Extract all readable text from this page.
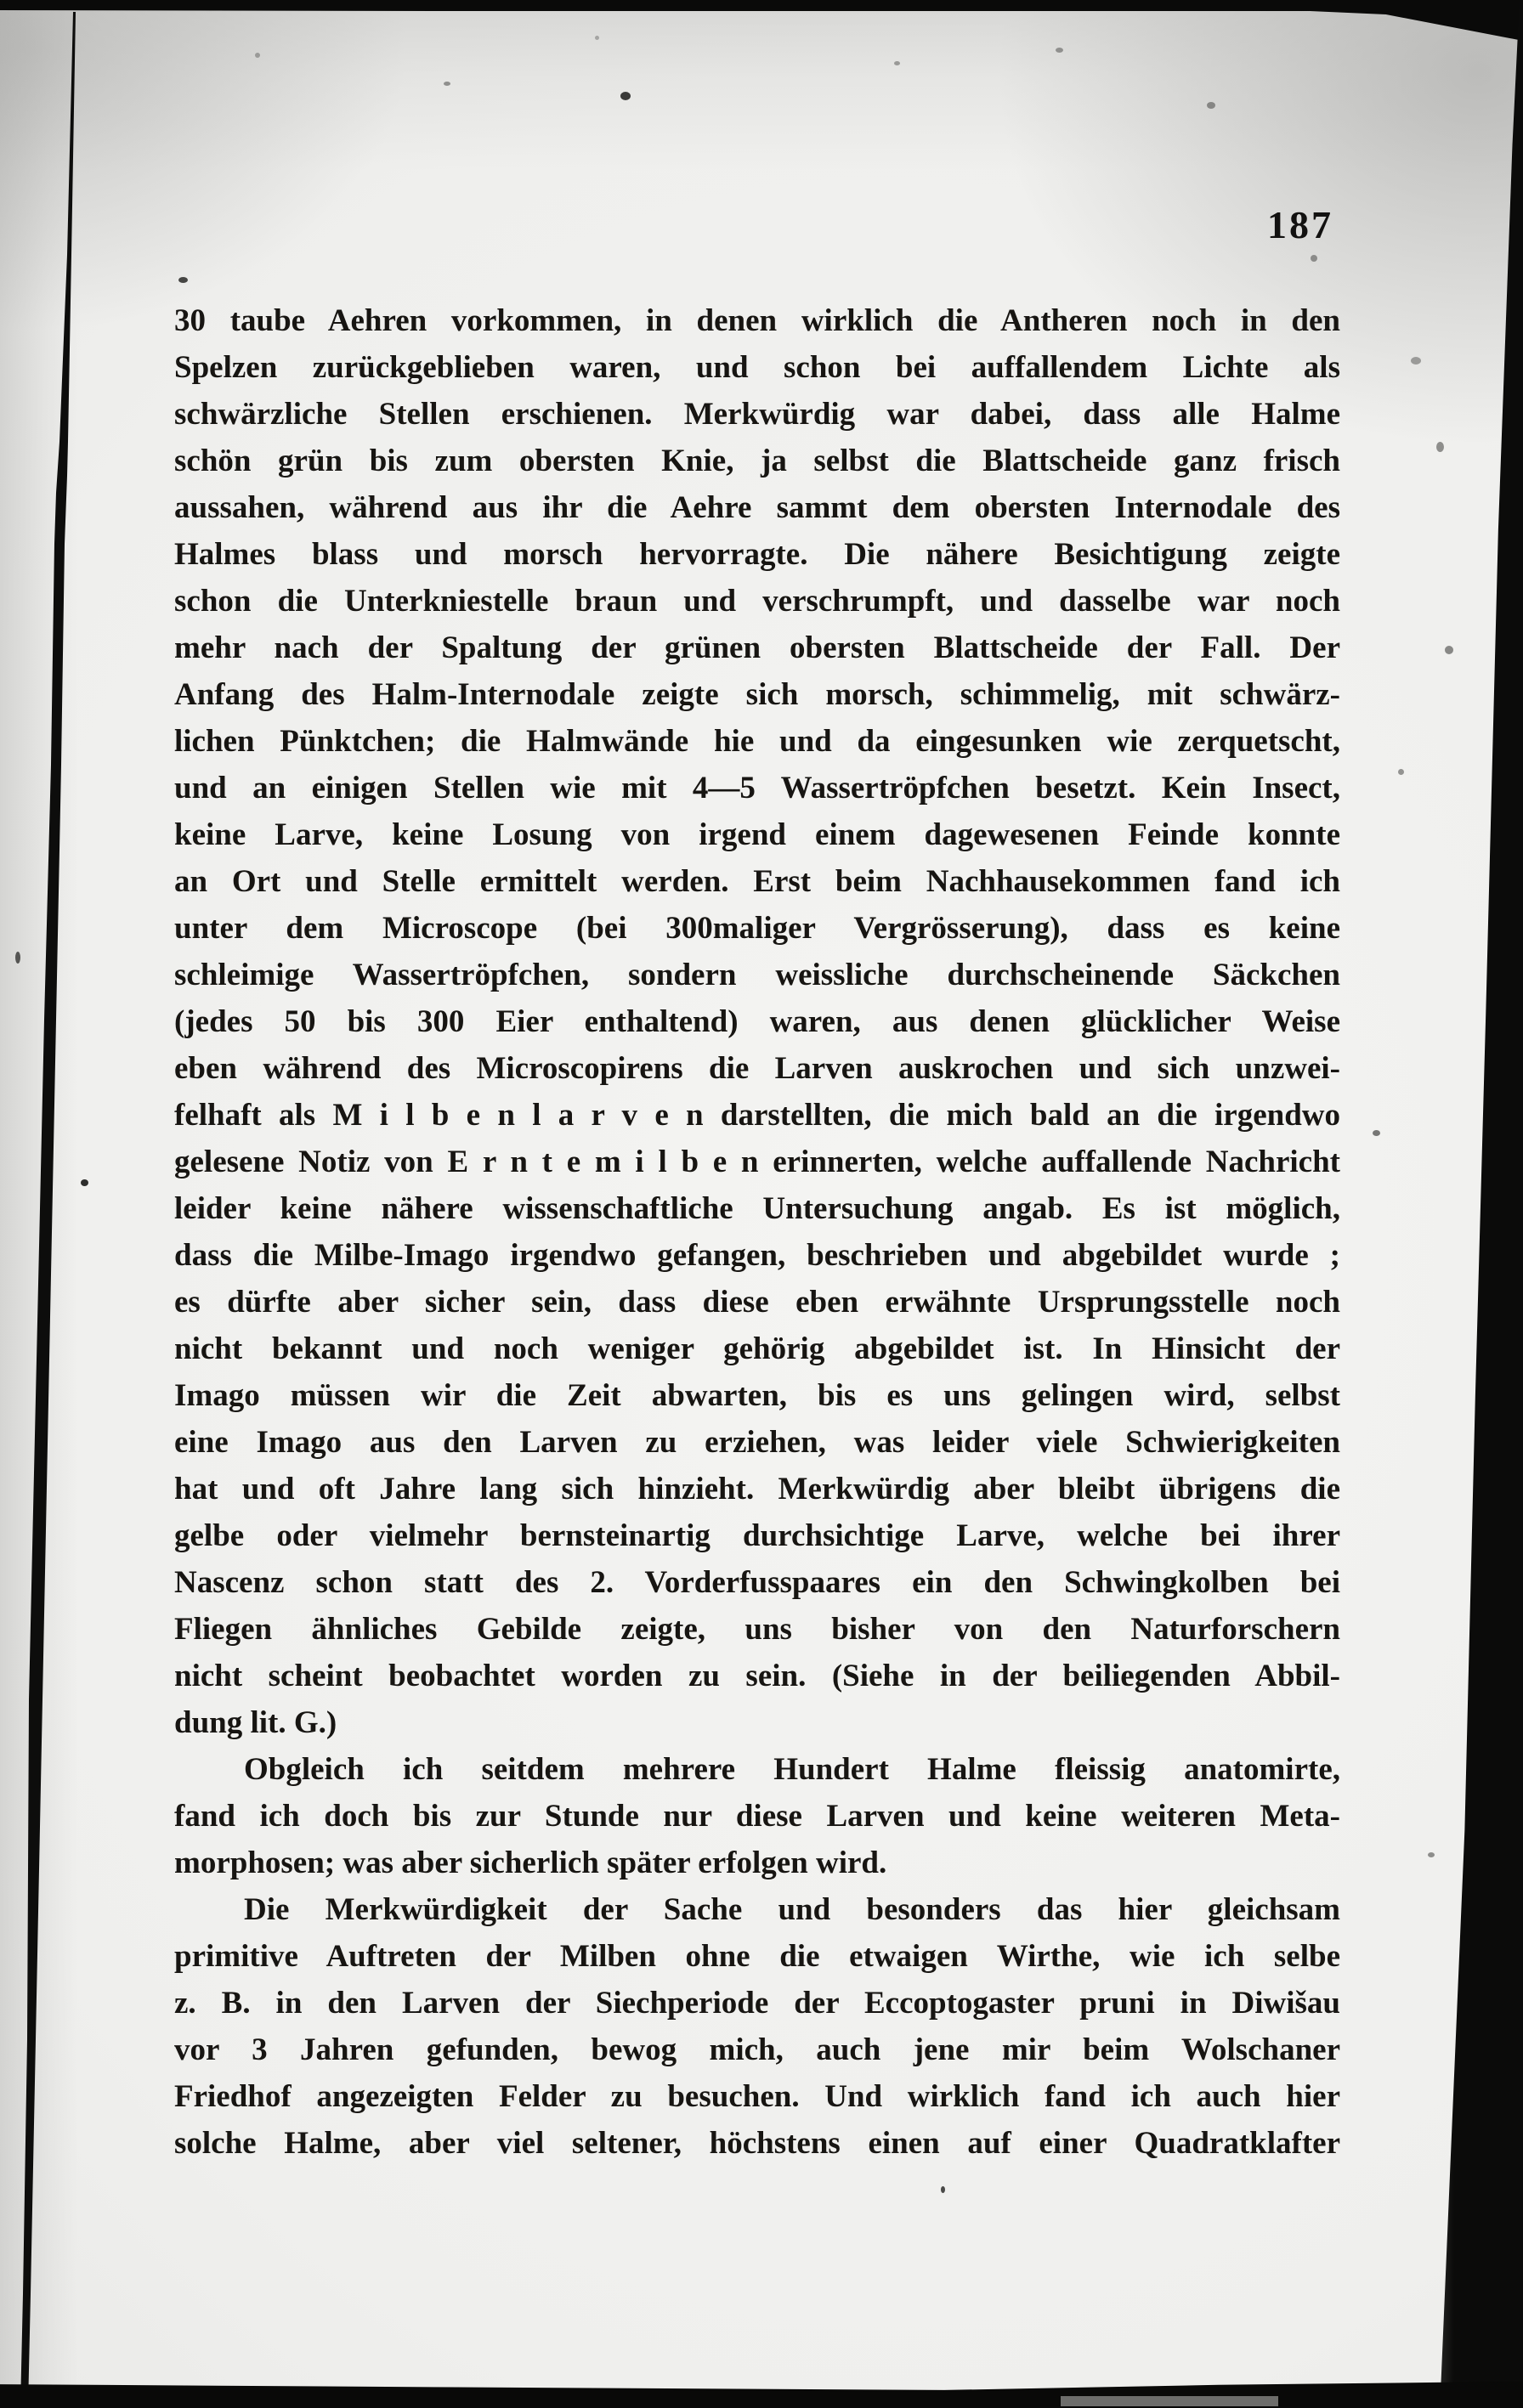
187
30 taube Aehren vorkommen, in denen wirklich die Antheren noch in den
Spelzen zurückgeblieben waren, und schon bei auffallendem Lichte als
schwärzliche Stellen erschienen. Merkwürdig war dabei, dass alle Halme
schön grün bis zum obersten Knie, ja selbst die Blattscheide ganz frisch
aussahen, während aus ihr die Aehre sammt dem obersten Internodale des
Halmes blass und morsch hervorragte. Die nähere Besichtigung zeigte
schon die Unterkniestelle braun und verschrumpft, und dasselbe war noch
mehr nach der Spaltung der grünen obersten Blattscheide der Fall. Der
Anfang des Halm-Internodale zeigte sich morsch, schimmelig, mit schwärz-
lichen Pünktchen; die Halmwände hie und da eingesunken wie zerquetscht,
und an einigen Stellen wie mit 4—5 Wassertröpfchen besetzt. Kein Insect,
keine Larve, keine Losung von irgend einem dagewesenen Feinde konnte
an Ort und Stelle ermittelt werden. Erst beim Nachhausekommen fand ich
unter dem Microscope (bei 300maliger Vergrösserung), dass es keine
schleimige Wassertröpfchen, sondern weissliche durchscheinende Säckchen
(jedes 50 bis 300 Eier enthaltend) waren, aus denen glücklicher Weise
eben während des Microscopirens die Larven auskrochen und sich unzwei-
felhaft als M i l b e n l a r v e n darstellten, die mich bald an die irgendwo
gelesene Notiz von E r n t e m i l b e n erinnerten, welche auffallende Nachricht
leider keine nähere wissenschaftliche Untersuchung angab. Es ist möglich,
dass die Milbe-Imago irgendwo gefangen, beschrieben und abgebildet wurde ;
es dürfte aber sicher sein, dass diese eben erwähnte Ursprungsstelle noch
nicht bekannt und noch weniger gehörig abgebildet ist. In Hinsicht der
Imago müssen wir die Zeit abwarten, bis es uns gelingen wird, selbst
eine Imago aus den Larven zu erziehen, was leider viele Schwierigkeiten
hat und oft Jahre lang sich hinzieht. Merkwürdig aber bleibt übrigens die
gelbe oder vielmehr bernsteinartig durchsichtige Larve, welche bei ihrer
Nascenz schon statt des 2. Vorderfusspaares ein den Schwingkolben bei
Fliegen ähnliches Gebilde zeigte, uns bisher von den Naturforschern
nicht scheint beobachtet worden zu sein. (Siehe in der beiliegenden Abbil-
dung lit. G.)
Obgleich ich seitdem mehrere Hundert Halme fleissig anatomirte,
fand ich doch bis zur Stunde nur diese Larven und keine weiteren Meta-
morphosen; was aber sicherlich später erfolgen wird.
Die Merkwürdigkeit der Sache und besonders das hier gleichsam
primitive Auftreten der Milben ohne die etwaigen Wirthe, wie ich selbe
z. B. in den Larven der Siechperiode der Eccoptogaster pruni in Diwišau
vor 3 Jahren gefunden, bewog mich, auch jene mir beim Wolschaner
Friedhof angezeigten Felder zu besuchen. Und wirklich fand ich auch hier
solche Halme, aber viel seltener, höchstens einen auf einer Quadratklafter
